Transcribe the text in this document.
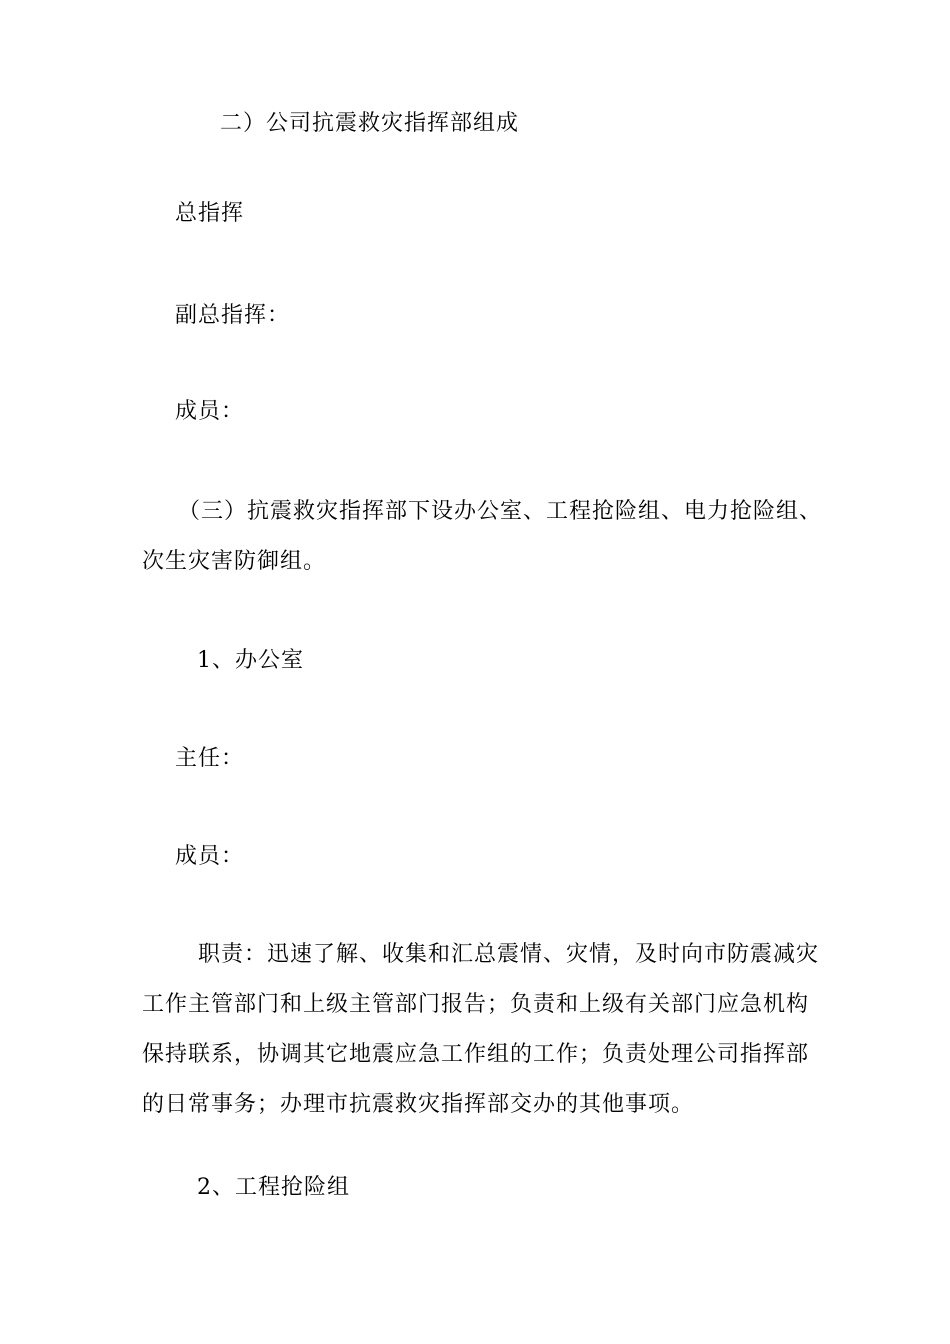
二）公司抗震救灾指挥部组成
总指挥
副总指挥：
成员：
（三）抗震救灾指挥部下设办公室、工程抢险组、电力抢险组、
次生灾害防御组。
1、办公室
主任：
成员：
职责：迅速了解、收集和汇总震情、灾情，及时向市防震减灾
工作主管部门和上级主管部门报告；负责和上级有关部门应急机构
保持联系，协调其它地震应急工作组的工作；负责处理公司指挥部
的日常事务；办理市抗震救灾指挥部交办的其他事项。
2、工程抢险组
